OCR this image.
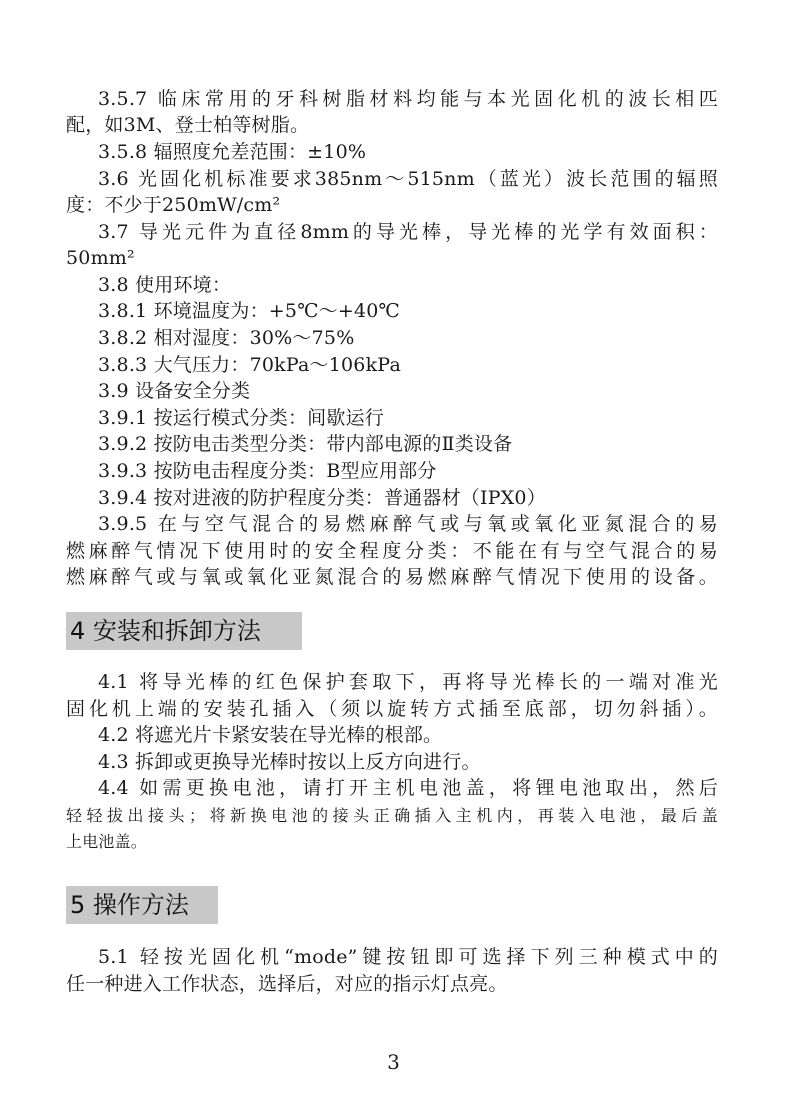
3.5.7 临床常用的牙科树脂材料均能与本光固化机的波长相匹
配，如3M、登士柏等树脂。
3.5.8 辐照度允差范围：±10%
3.6 光固化机标准要求385nm～515nm（蓝光）波长范围的辐照
度：不少于250mW/cm²
3.7 导光元件为直径8mm的导光棒，导光棒的光学有效面积：
50mm²
3.8 使用环境：
3.8.1 环境温度为：+5℃～+40℃
3.8.2 相对湿度：30%～75%
3.8.3 大气压力：70kPa～106kPa
3.9 设备安全分类
3.9.1 按运行模式分类：间歇运行
3.9.2 按防电击类型分类：带内部电源的Ⅱ类设备
3.9.3 按防电击程度分类：B型应用部分
3.9.4 按对进液的防护程度分类：普通器材（IPX0）
3.9.5 在与空气混合的易燃麻醉气或与氧或氧化亚氮混合的易
燃麻醉气情况下使用时的安全程度分类：不能在有与空气混合的易
燃麻醉气或与氧或氧化亚氮混合的易燃麻醉气情况下使用的设备。
4 安装和拆卸方法
4.1 将导光棒的红色保护套取下，再将导光棒长的一端对准光
固化机上端的安装孔插入（须以旋转方式插至底部，切勿斜插）。
4.2 将遮光片卡紧安装在导光棒的根部。
4.3 拆卸或更换导光棒时按以上反方向进行。
4.4 如需更换电池，请打开主机电池盖，将锂电池取出，然后
轻轻拔出接头；将新换电池的接头正确插入主机内，再装入电池，最后盖
上电池盖。
5 操作方法
5.1 轻按光固化机“mode”键按钮即可选择下列三种模式中的
任一种进入工作状态，选择后，对应的指示灯点亮。
3
